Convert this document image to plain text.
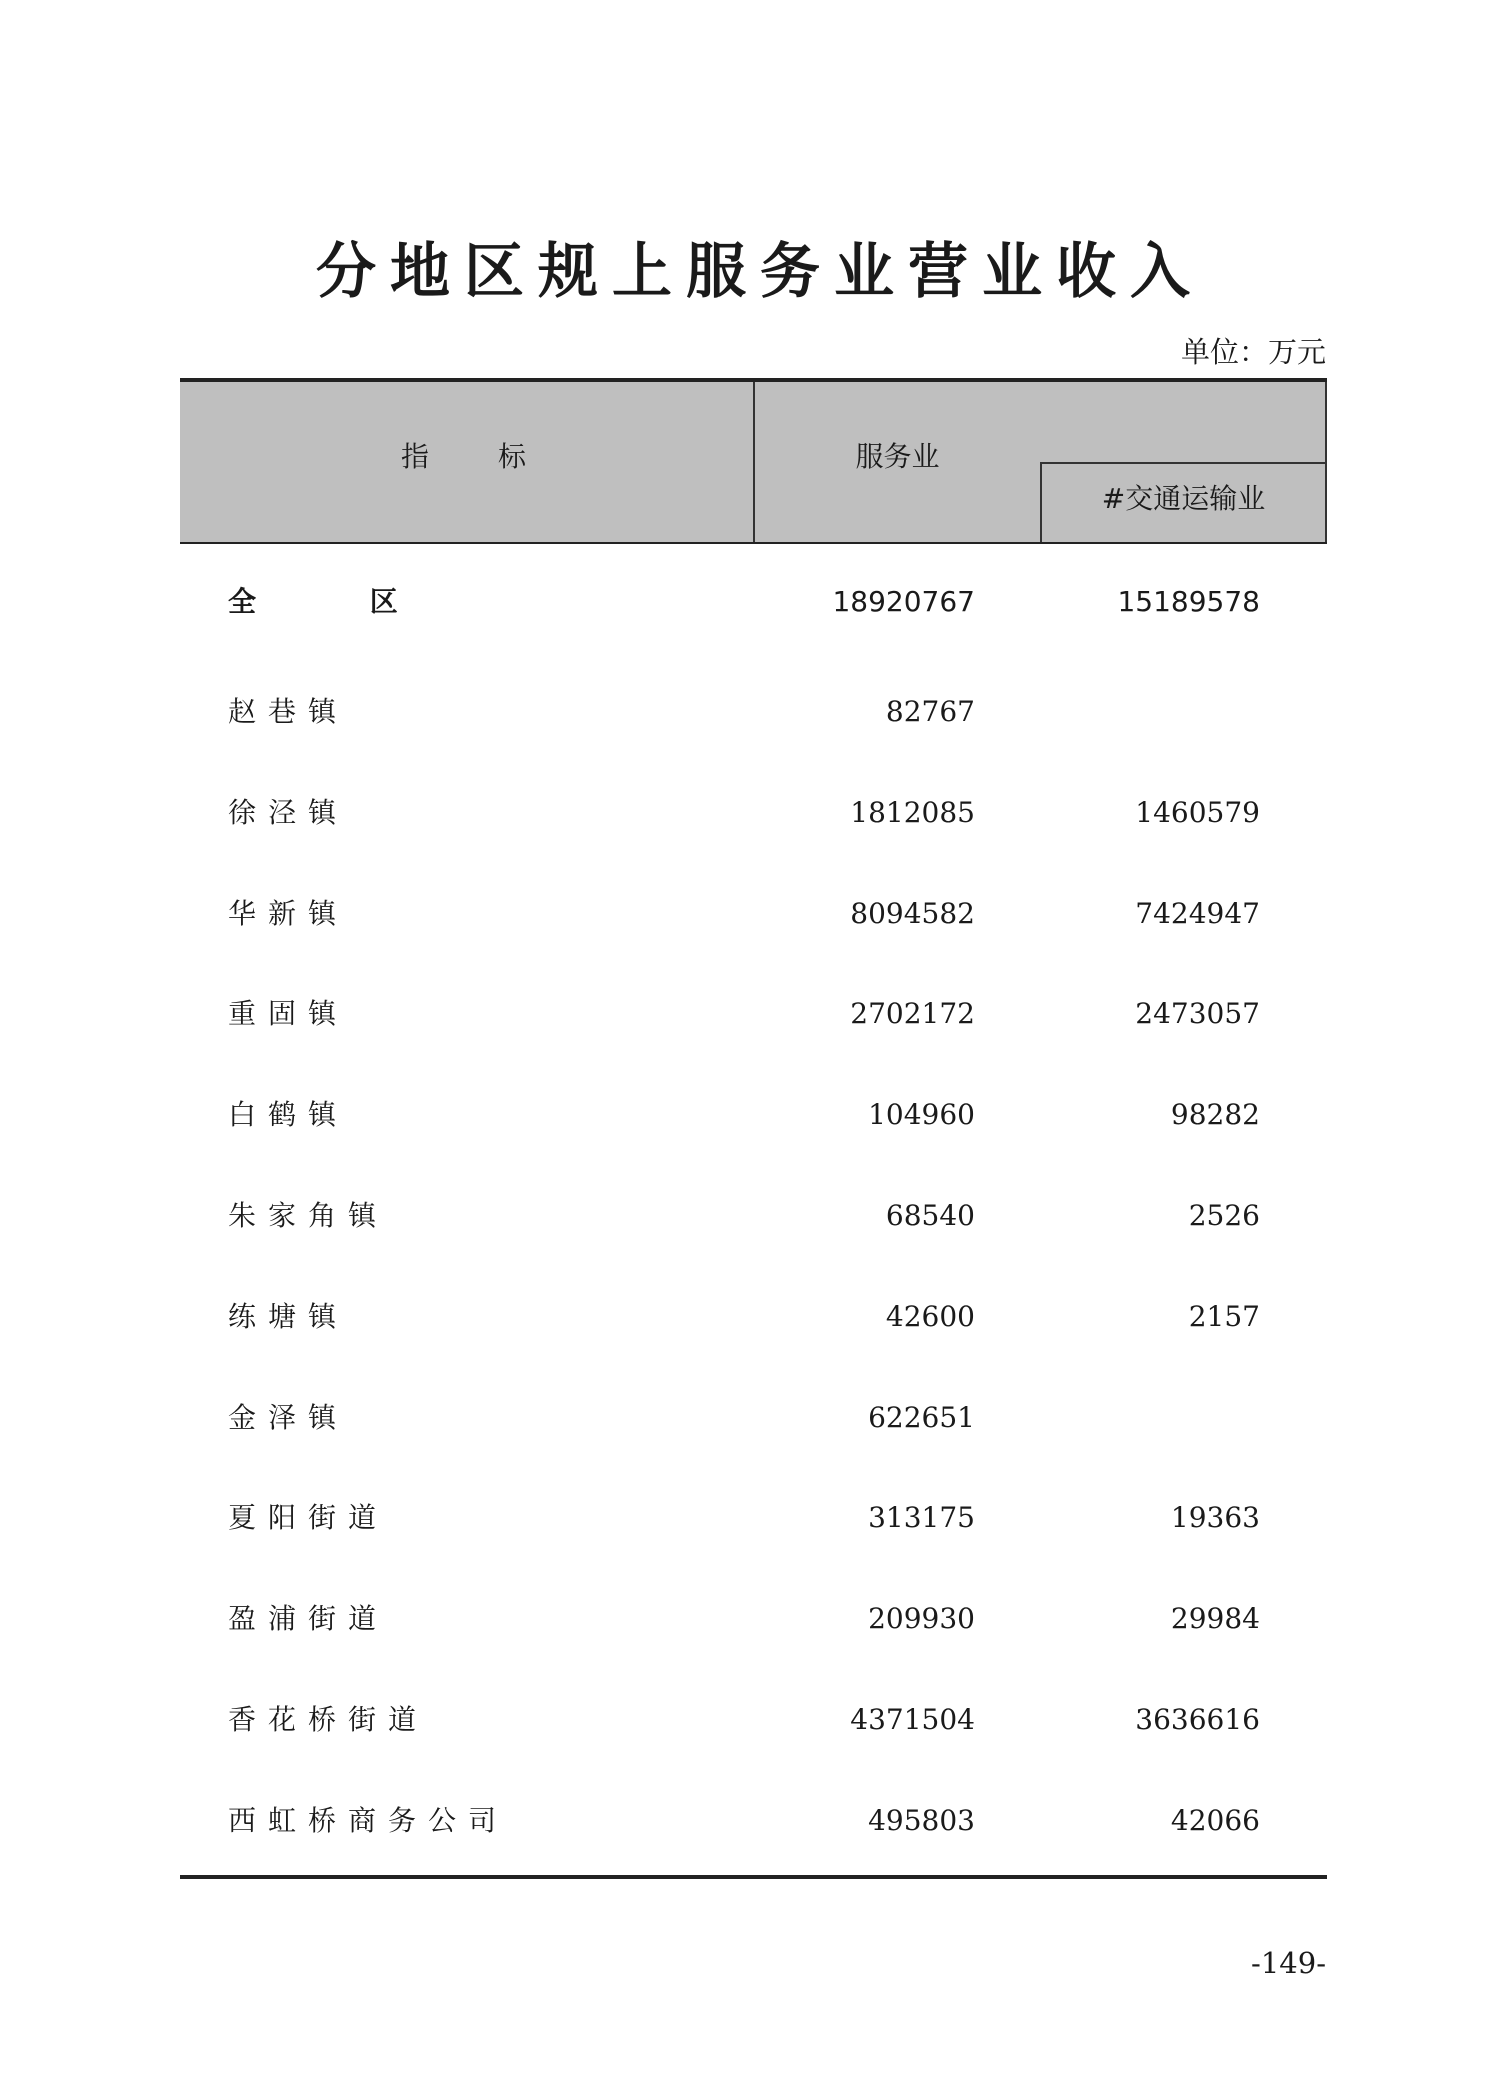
分地区规上服务业营业收入
单位：万元
指 标	服务业
#交通运输业
全 区	18920767	15189578
赵巷镇	82767
徐泾镇	1812085	1460579
华新镇	8094582	7424947
重固镇	2702172	2473057
白鹤镇	104960	98282
朱家角镇	68540	2526
练塘镇	42600	2157
金泽镇	622651
夏阳街道	313175	19363
盈浦街道	209930	29984
香花桥街道	4371504	3636616
西虹桥商务公司	495803	42066
-149-
